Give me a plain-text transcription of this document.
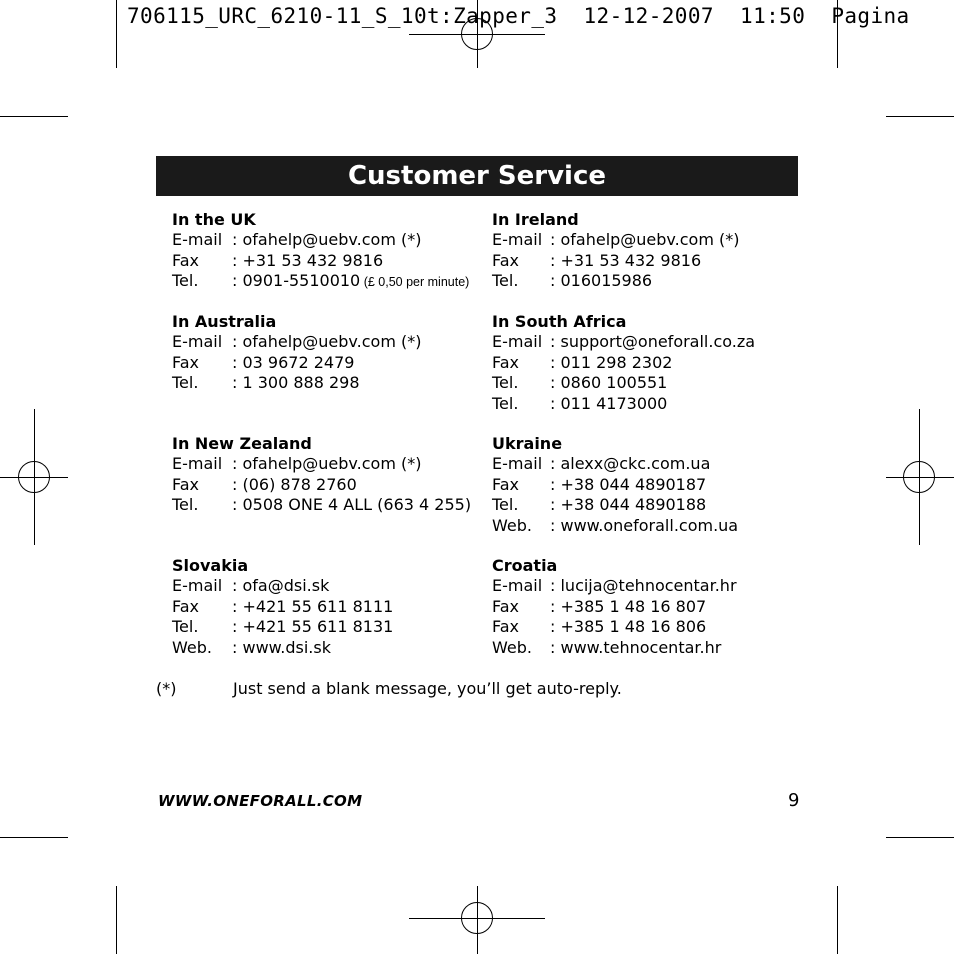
706115_URC_6210-11_S_10t:Zapper_3  12-12-2007  11:50  Pagina
Customer Service
In the UK
E-mail : ofahelp@uebv.com (*)
Fax : +31 53 432 9816
Tel. : 0901-5510010 (£ 0,50 per minute)
In Australia
E-mail : ofahelp@uebv.com (*)
Fax : 03 9672 2479
Tel. : 1 300 888 298
In New Zealand
E-mail : ofahelp@uebv.com (*)
Fax : (06) 878 2760
Tel. : 0508 ONE 4 ALL (663 4 255)
Slovakia
E-mail : ofa@dsi.sk
Fax : +421 55 611 8111
Tel. : +421 55 611 8131
Web. : www.dsi.sk
In Ireland
E-mail : ofahelp@uebv.com (*)
Fax : +31 53 432 9816
Tel. : 016015986
In South Africa
E-mail : support@oneforall.co.za
Fax : 011 298 2302
Tel. : 0860 100551
Tel. : 011 4173000
Ukraine
E-mail : alexx@ckc.com.ua
Fax : +38 044 4890187
Tel. : +38 044 4890188
Web. : www.oneforall.com.ua
Croatia
E-mail : lucija@tehnocentar.hr
Fax : +385 1 48 16 807
Fax : +385 1 48 16 806
Web. : www.tehnocentar.hr
(*)	Just send a blank message, you’ll get auto-reply.
WWW.ONEFORALL.COM	9
